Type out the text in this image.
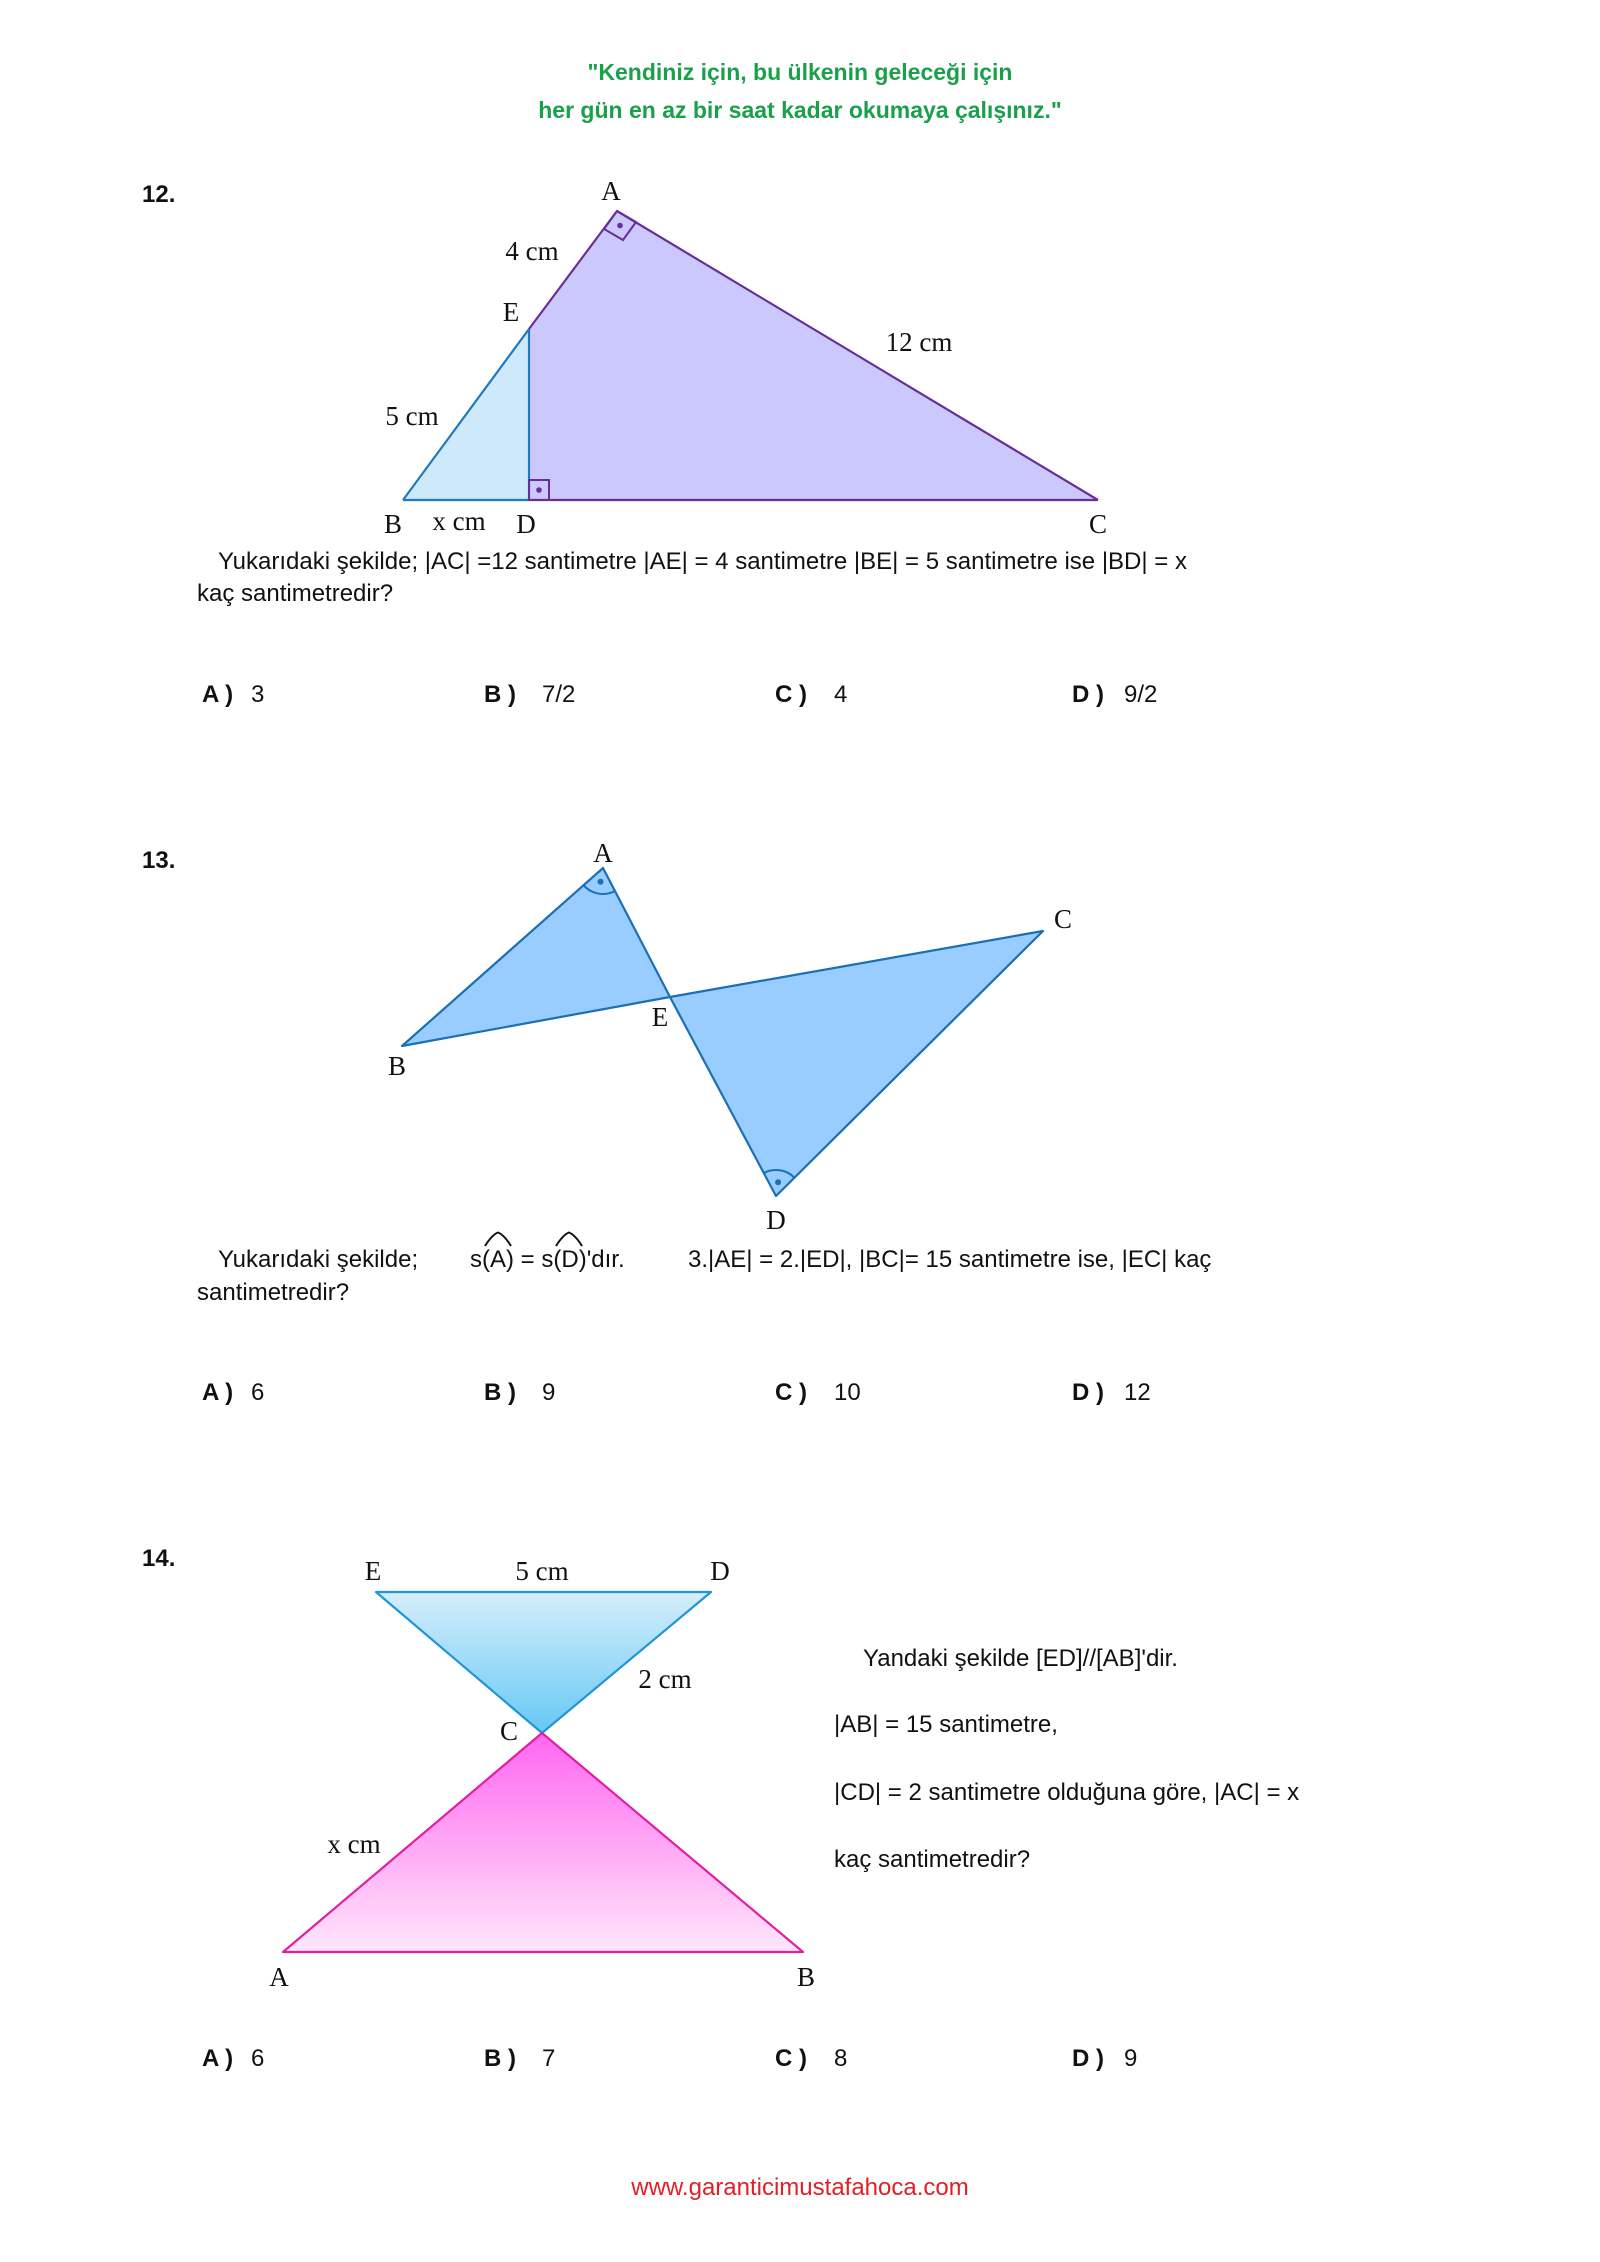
A
4 cm
E
12 cm
5 cm
B x cm D	C
A
C
E
B
D
E	5 cm	D
2 cm
C
x cm
A	B
"Kendiniz için, bu ülkenin geleceği için
her gün en az bir saat kadar okumaya çalışınız."
12.
Yukarıdaki şekilde; |AC| =12 santimetre |AE| = 4 santimetre |BE| = 5 santimetre ise |BD| = x
kaç santimetredir?
A ) 3	B ) 7/2	C ) 4	D ) 9/2
13.
Yukarıdaki şekilde; s(
A) = s(
D)'dır.	3.|AE| = 2.|ED|, |BC|= 15 santimetre ise, |EC| kaç
santimetredir?
A ) 6	B ) 9	C ) 10	D ) 12
14.
Yandaki şekilde [ED]//[AB]'dir.
|AB| = 15 santimetre,
|CD| = 2 santimetre olduğuna göre, |AC| = x
kaç santimetredir?
A ) 6	B ) 7	C ) 8	D ) 9
www.garanticimustafahoca.com
